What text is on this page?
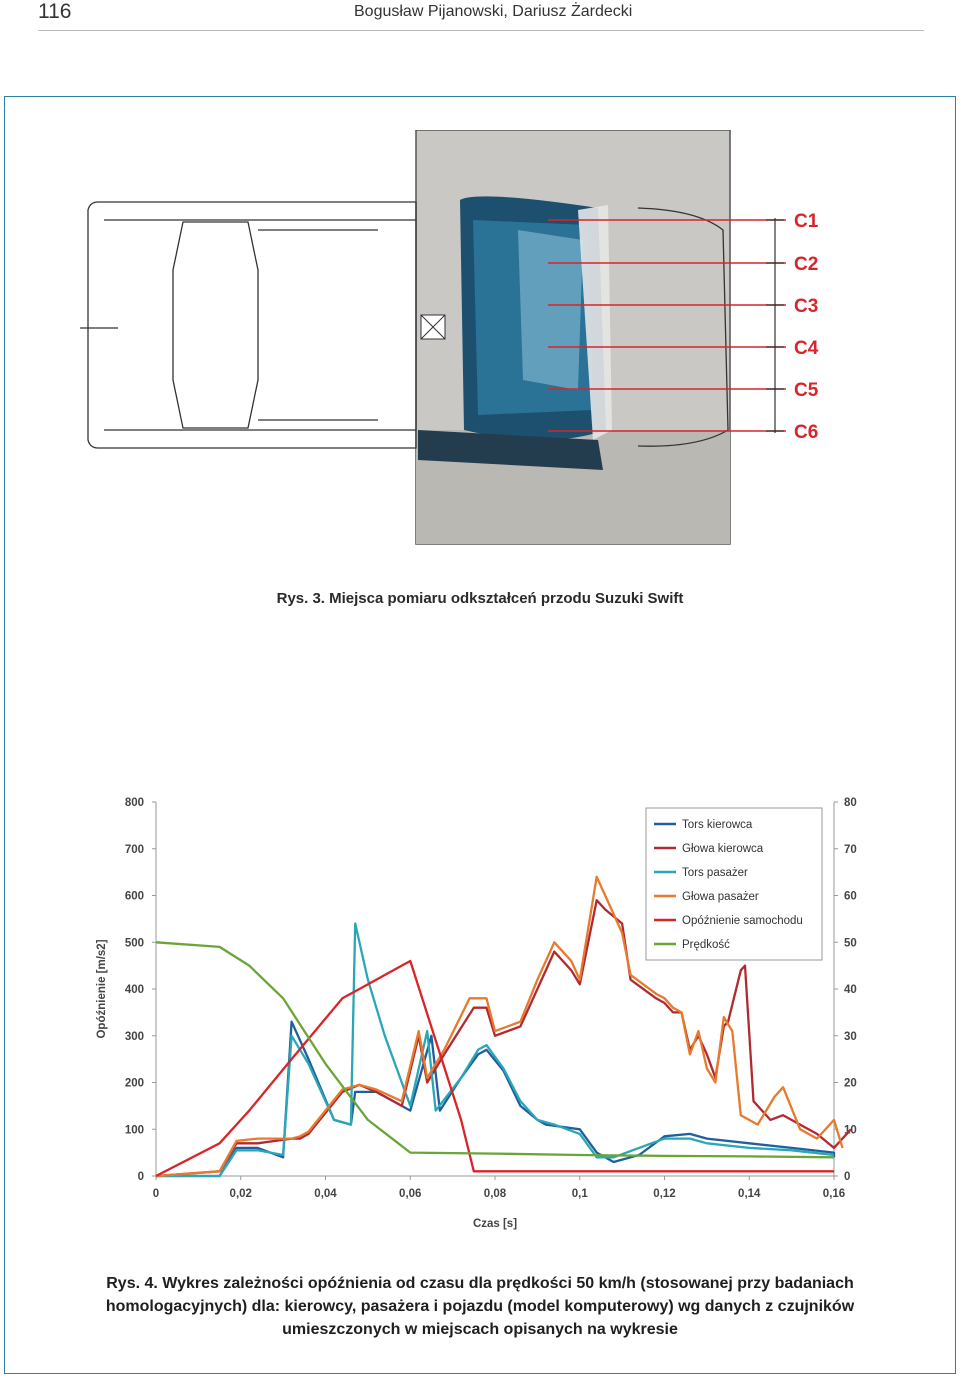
116	Bogusław Pijanowski, Dariusz Żardecki
C1
C2
C3
C4
C5
C6
Rys. 3. Miejsca pomiaru odkształceń przodu Suzuki Swift
0
100
200
300
400
500
600
700
800
0
10
20
30
40
50
60
70
80
0	0,02	0,04	0,06	0,08	0,1	0,12	0,14	0,16
Czas [s]
Opóźnienie [m/s2]
Tors kierowca
Głowa kierowca
Tors pasażer
Głowa pasażer
Opóźnienie samochodu
Prędkość
Rys. 4. Wykres zależności opóźnienia od czasu dla prędkości 50 km/h (stosowanej przy badaniach homologacyjnych) dla: kierowcy, pasażera i pojazdu (model komputerowy) wg danych z czujników umieszczonych w miejscach opisanych na wykresie
